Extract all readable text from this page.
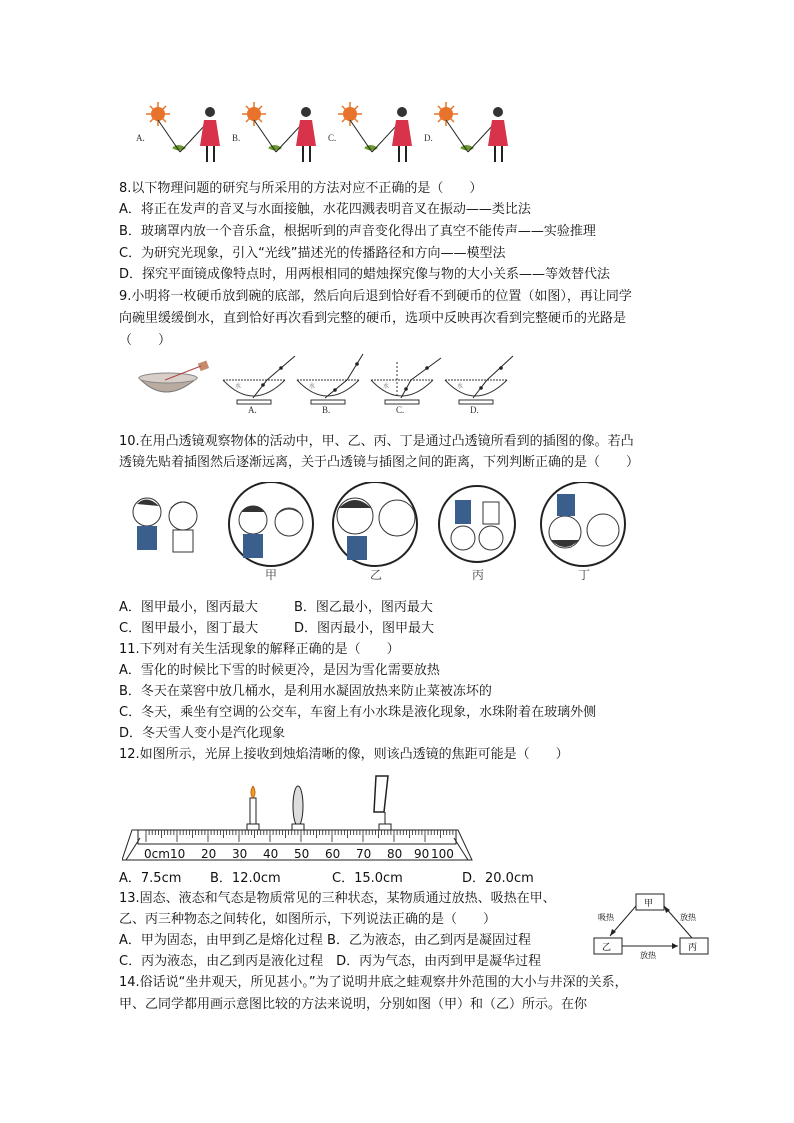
A.	B.	C.	D.
8.以下物理问题的研究与所采用的方法对应不正确的是（　　）
A．将正在发声的音叉与水面接触，水花四溅表明音叉在振动——类比法
B．玻璃罩内放一个音乐盒，根据听到的声音变化得出了真空不能传声——实验推理
C．为研究光现象，引入“光线”描述光的传播路径和方向——模型法
D．探究平面镜成像特点时，用两根相同的蜡烛探究像与物的大小关系——等效替代法
9.小明将一枚硬币放到碗的底部，然后向后退到恰好看不到硬币的位置（如图），再让同学
向碗里缓缓倒水，直到恰好再次看到完整的硬币，选项中反映再次看到完整硬币的光路是
（　　）
水	水	水	水
A.	B.	C.	D.
10.在用凸透镜观察物体的活动中，甲、乙、丙、丁是通过凸透镜所看到的插图的像。若凸
透镜先贴着插图然后逐渐远离，关于凸透镜与插图之间的距离，下列判断正确的是（　　）
甲	乙	丙	丁
A．图甲最小，图丙最大	B．图乙最小，图丙最大
C．图甲最小，图丁最大	D．图丙最小，图甲最大
11.下列对有关生活现象的解释正确的是（　　）
A．雪化的时候比下雪的时候更冷，是因为雪化需要放热
B．冬天在菜窖中放几桶水，是利用水凝固放热来防止菜被冻坏的
C．冬天，乘坐有空调的公交车，车窗上有小水珠是液化现象，水珠附着在玻璃外侧
D．冬天雪人变小是汽化现象
12.如图所示，光屏上接收到烛焰清晰的像，则该凸透镜的焦距可能是（　　）
0cm 10 20 30 40 50 60 70 80 90 100
A．7.5cm B．12.0cm	C．15.0cm	D．20.0cm
13.固态、液态和气态是物质常见的三种状态，某物质通过放热、吸热在甲、
乙、丙三种物态之间转化，如图所示，下列说法正确的是（　　）
A．甲为固态，由甲到乙是熔化过程 B．乙为液态，由乙到丙是凝固过程
C．丙为液态，由乙到丙是液化过程　D．丙为气态，由丙到甲是凝华过程
甲
乙	丙
吸热	放热
放热
14.俗话说“坐井观天，所见甚小。”为了说明井底之蛙观察井外范围的大小与井深的关系，
甲、乙同学都用画示意图比较的方法来说明，分别如图（甲）和（乙）所示。在你
